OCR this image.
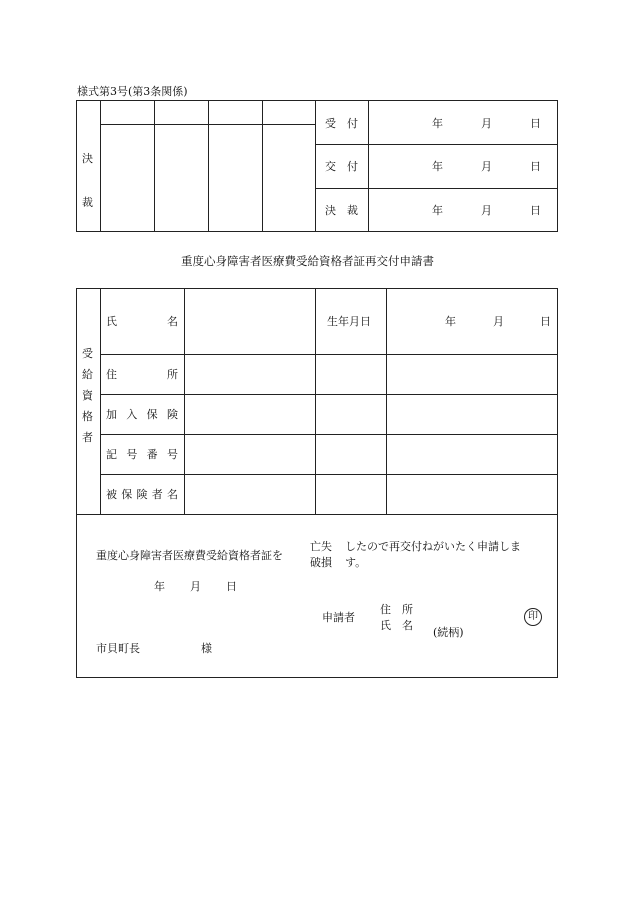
様式第3号(第3条関係)
決
裁
受　付	年	月	日
交　付	年	月	日
決　裁	年	月	日
重度心身障害者医療費受給資格者証再交付申請書
受
給
資
格
者
氏	名	生年月日	年	月	日
住	所
加 入 保 険
記 号 番 号
被 保 険 者 名
重度心身障害者医療費受給資格者証を
亡失
破損
したので再交付ねがいたく申請しま
す。
年 月 日
申請者
住　所
氏　名
(続柄)
印
市貝町長	様
